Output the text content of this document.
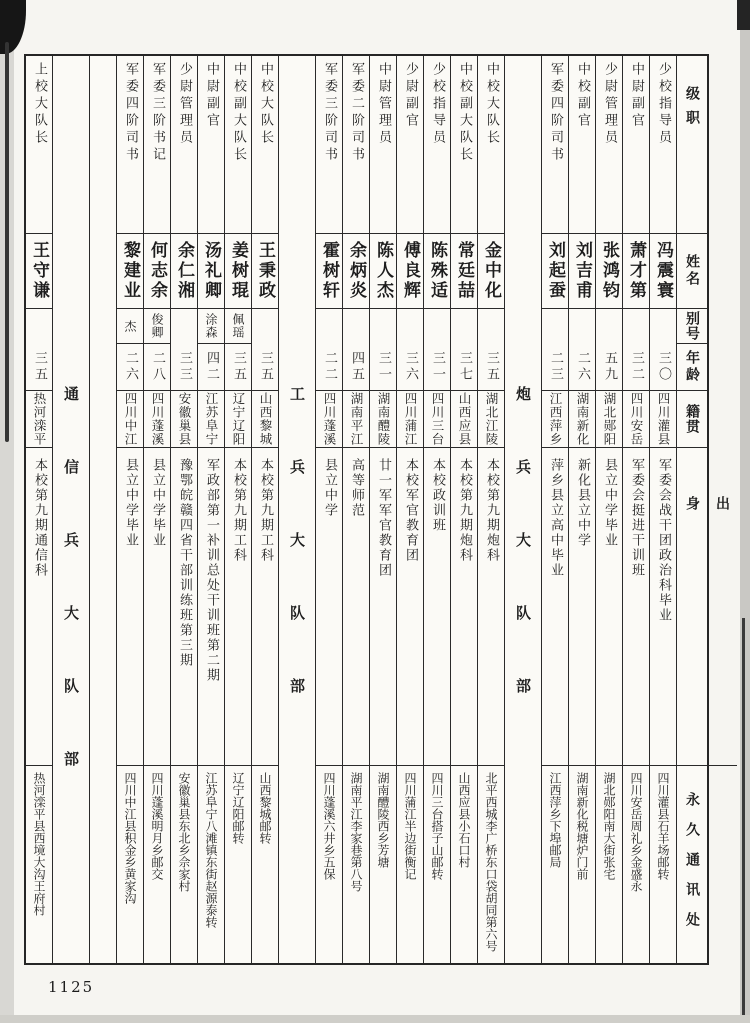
上校大队长
王守谦
三五
热河滦平
本校第九期通信科
热河滦平县西境大沟王府村
通信兵大队部
军委四阶司书
黎建业
杰
二六
四川中江
县立中学毕业
四川中江县积金乡黄家沟
军委三阶书记
何志余
俊卿
二八
四川蓬溪
县立中学毕业
四川蓬溪明月乡邮交
少尉管理员
余仁湘
三三
安徽巢县
豫鄂皖赣四省干部训练班第三期
安徽巢县东北乡佘家村
中尉副官
汤礼卿
涂森
四二
江苏阜宁
军政部第一补训总处干训班第二期
江苏阜宁八滩镇东街赵源泰转
中校副大队长
姜树琨
佩瑶
三五
辽宁辽阳
本校第九期工科
辽宁辽阳邮转
中校大队长
王秉政
三五
山西黎城
本校第九期工科
山西黎城邮转
工兵大队部
军委三阶司书
霍树轩
二二
四川蓬溪
县立中学
四川蓬溪六井乡五保
军委二阶司书
余炳炎
四五
湖南平江
高等师范
湖南平江李家巷第八号
中尉管理员
陈人杰
三一
湖南醴陵
廿一军军官教育团
湖南醴陵西乡芳塘
少尉副官
傅良辉
三六
四川蒲江
本校军官教育团
四川蒲江半边街衡记
少校指导员
陈殊适
三一
四川三台
本校政训班
四川三台搭子山邮转
中校副大队长
常廷喆
三七
山西应县
本校第九期炮科
山西应县小石口村
中校大队长
金中化
三五
湖北江陵
本校第九期炮科
北平西城李广桥东口袋胡同第六号
炮兵大队部
军委四阶司书
刘起蚕
二三
江西萍乡
萍乡县立高中毕业
江西萍乡下埠邮局
中校副官
刘吉甫
二六
湖南新化
新化县立中学
湖南新化税塘炉门前
少尉管理员
张鸿钧
五九
湖北郧阳
县立中学毕业
湖北郧阳南大街张宅
中尉副官
萧才第
三二
四川安岳
军委会挺进干训班
四川安岳周礼乡金盛永
少校指导员
冯震寰
三〇
四川灌县
军委会战干团政治科毕业
四川灌县石羊场邮转
级职
姓名
别号
年龄
籍贯
出身
永久通讯处
1125
